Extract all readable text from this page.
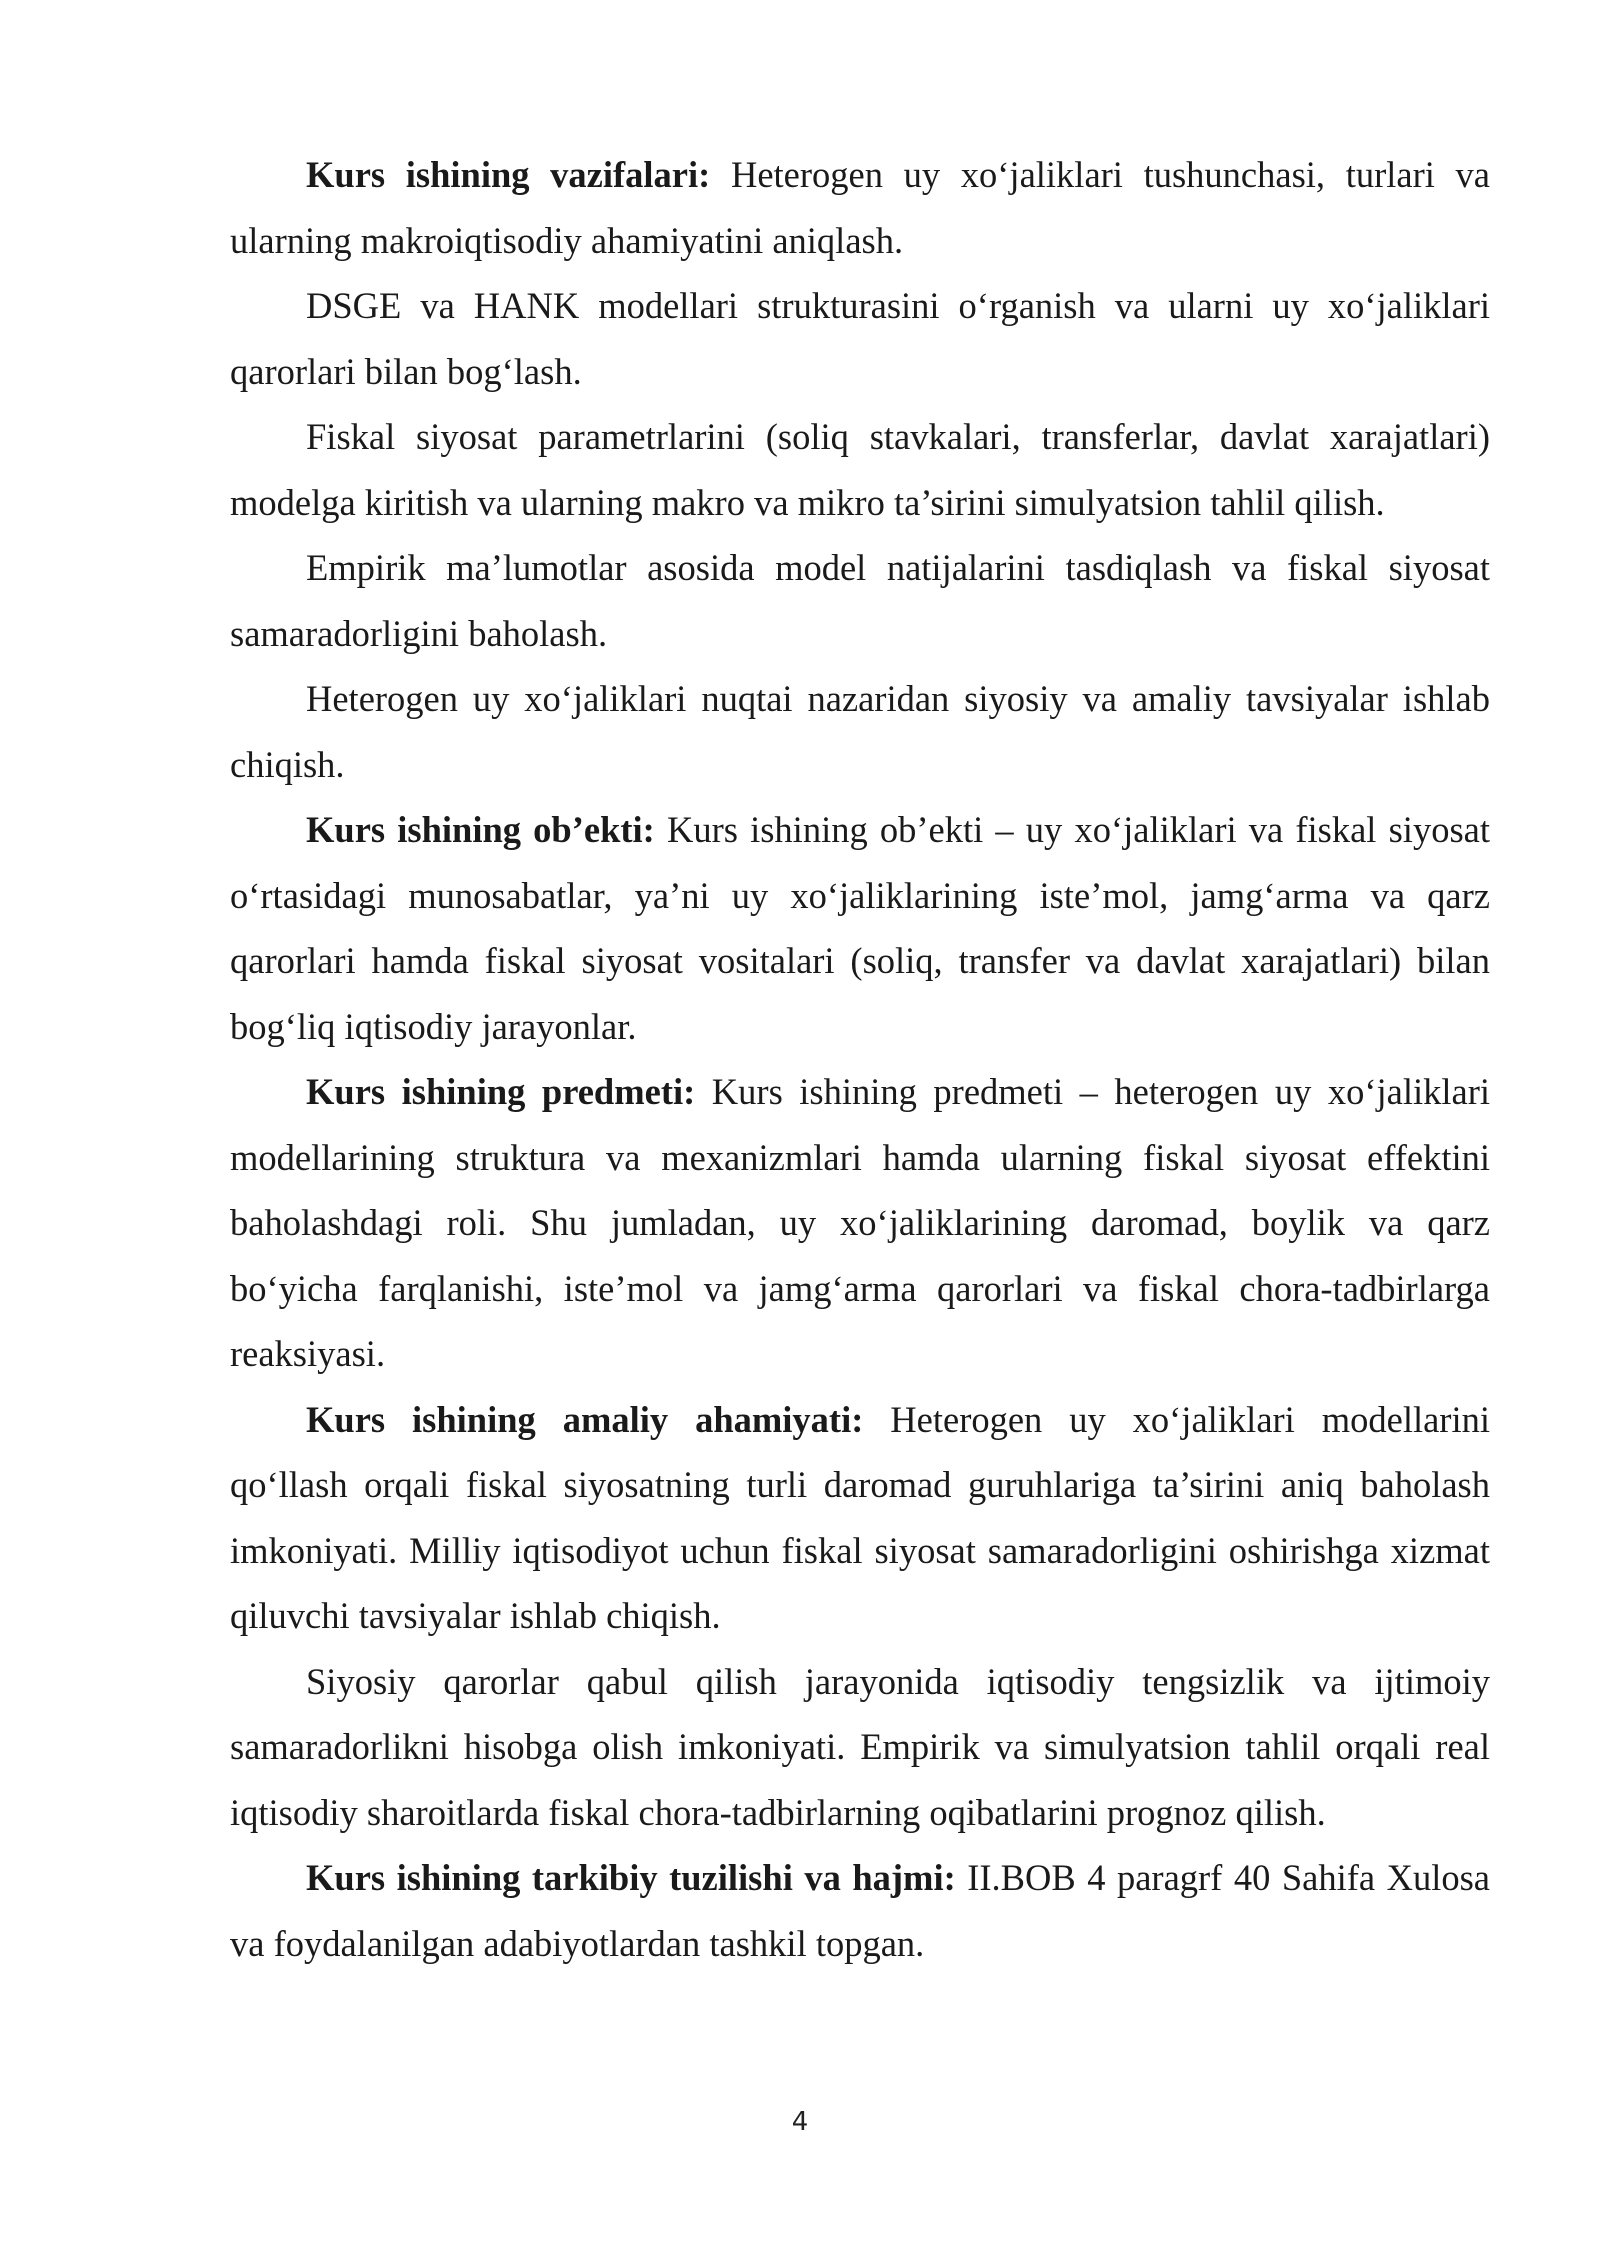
Kurs ishining vazifalari: Heterogen uy xo‘jaliklari tushunchasi, turlari va ularning makroiqtisodiy ahamiyatini aniqlash.

DSGE va HANK modellari strukturasini o‘rganish va ularni uy xo‘jaliklari qarorlari bilan bog‘lash.

Fiskal siyosat parametrlarini (soliq stavkalari, transferlar, davlat xarajatlari) modelga kiritish va ularning makro va mikro ta’sirini simulyatsion tahlil qilish.

Empirik ma’lumotlar asosida model natijalarini tasdiqlash va fiskal siyosat samaradorligini baholash.

Heterogen uy xo‘jaliklari nuqtai nazaridan siyosiy va amaliy tavsiyalar ishlab chiqish.

Kurs ishining ob’ekti: Kurs ishining ob’ekti – uy xo‘jaliklari va fiskal siyosat o‘rtasidagi munosabatlar, ya’ni uy xo‘jaliklarining iste’mol, jamg‘arma va qarz qarorlari hamda fiskal siyosat vositalari (soliq, transfer va davlat xarajatlari) bilan bog‘liq iqtisodiy jarayonlar.

Kurs ishining predmeti: Kurs ishining predmeti – heterogen uy xo‘jaliklari modellarining struktura va mexanizmlari hamda ularning fiskal siyosat effektini baholashdagi roli. Shu jumladan, uy xo‘jaliklarining daromad, boylik va qarz bo‘yicha farqlanishi, iste’mol va jamg‘arma qarorlari va fiskal chora-tadbirlarga reaksiyasi.

Kurs ishining amaliy ahamiyati: Heterogen uy xo‘jaliklari modellarini qo‘llash orqali fiskal siyosatning turli daromad guruhlariga ta’sirini aniq baholash imkoniyati. Milliy iqtisodiyot uchun fiskal siyosat samaradorligini oshirishga xizmat qiluvchi tavsiyalar ishlab chiqish.

Siyosiy qarorlar qabul qilish jarayonida iqtisodiy tengsizlik va ijtimoiy samaradorlikni hisobga olish imkoniyati. Empirik va simulyatsion tahlil orqali real iqtisodiy sharoitlarda fiskal chora-tadbirlarning oqibatlarini prognoz qilish.

Kurs ishining tarkibiy tuzilishi va hajmi: II.BOB 4 paragrf 40 Sahifa Xulosa va foydalanilgan adabiyotlardan tashkil topgan.

4
